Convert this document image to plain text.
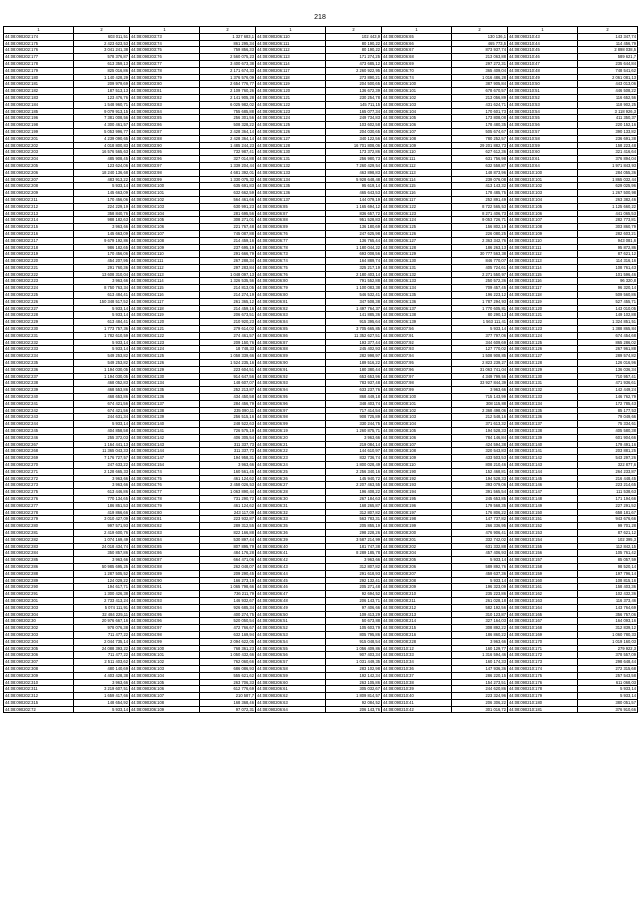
218
1	2	1	2	1	2	1	2	1	2
44:08:090202:174	603 011,51	44:08:090203:73	1 327 683,1	44:08:090206:110	102 443,9	44:08:090206:65	130 136,1	44:08:090210:43	143 347,74
44:08:090202:175	2 423 623,53	44:08:090203:74	861 295,34	44:08:090206:111	80 190,22	44:08:090206:66	465 773,5	44:08:090210:44	114 456,79
44:08:090202:176	3 041 241,38	44:08:090203:75	759 856,33	44:08:090206:112	80 190,22	44:08:090206:67	873 937,74	44:08:090210:45	2 898 038,5
44:08:090202:177	578 376,87	44:08:090203:76	2 560 075,23	44:08:090206:113	171 274,25	44:08:090206:68	213 063,88	44:08:090210:46	589 621,7
44:08:090202:178	613 359,13	44:08:090203:77	3 400 673,38	44:08:090206:114	473 685,12	44:08:090206:69	297 272,31	44:08:090210:47	235 644,84
44:08:090202:179	825 016,86	44:08:090203:78	2 171 674,33	44:08:090206:117	2 260 922,95	44:08:090206:70	365 409,04	44:08:090210:48	748 541,62
44:08:090202:180	1 140 428,29	44:08:090203:79	1 376 576,09	44:08:090206:118	273 890,21	44:08:090206:74	1 016 486,28	44:08:090210:49	2 061 081,13
44:08:090202:181	209 979,69	44:08:090203:80	2 654 776,77	44:08:090206:119	204 500,65	44:08:090206:100	387 905,84	44:08:090210:50	443 013,06
44:08:090202:182	187 513,13	44:08:090203:81	2 109 760,26	44:08:090206:120	136 672,39	44:08:090206:101	678 670,57	44:08:090210:51	446 508,22
44:08:090202:183	123 476,76	44:08:090203:82	2 141 905,28	44:08:090206:121	230 254,78	44:08:090206:102	213 056,89	44:08:090210:52	116 652,56
44:08:090202:184	1 548 960,71	44:08:090203:83	6 025 982,02	44:08:090206:122	145 711,15	44:08:090206:103	431 624,71	44:08:090210:53	118 902,25
44:08:090202:185	9 079 913,15	44:08:090203:84	755 685,88	44:08:090206:123	165 077,34	44:08:090206:104	170 601,73	44:08:090210:54	3 118 926,3
44:08:090202:196	7 381 008,56	44:08:090203:85	256 301,56	44:08:090206:124	249 734,83	44:08:090206:105	173 808,08	44:08:090210:55	411 350,37
44:08:090202:198	4 300 461,57	44:08:090203:86	508 328,22	44:08:090206:125	103 602,58	44:08:090206:106	178 480,35	44:08:090210:56	220 152,16
44:08:090202:199	5 053 996,77	44:08:090203:87	2 428 364,14	44:08:090206:126	204 030,65	44:08:090206:107	505 674,67	44:08:090210:57	390 133,82
44:08:090202:201	4 239 090,65	44:08:090203:88	2 428 364,14	44:08:090206:127	340 122,56	44:08:090206:108	780 252,57	44:08:090210:58	236 691,38
44:08:090202:202	4 018 800,83	44:08:090203:90	1 485 244,23	44:08:090206:128	16 701 808,06	44:08:090206:109	29 201 882,73	44:08:090210:59	158 223,48
44:08:090202:203	16 576 565,63	44:08:090203:95	732 987,41	44:08:090206:130	173 372,86	44:08:090206:110	627 612,36	44:08:090210:60	321 416,64
44:08:090202:204	485 908,45	44:08:090203:96	327 014,88	44:08:090206:131	256 980,73	44:08:090206:111	631 756,98	44:08:090210:61	376 894,04
44:08:090202:205	123 624,06	44:08:090203:97	1 339 204,44	44:08:090206:132	7 260 429,54	44:08:090206:112	632 558,87	44:08:090210:64	1 971 843,93
44:08:090202:206	18 240 136,68	44:08:090203:98	4 681 392,01	44:08:090206:133	463 898,83	44:08:090206:113	148 873,96	44:08:090210:100	284 055,36
44:08:090202:207	483 913,22	44:08:090203:99	1 330 075,32	44:08:090206:134	5 928 648,48	44:08:090206:114	239 076,08	44:08:090210:101	1 865 032,44
44:08:090202:208	5 933,14	44:08:090204:100	635 691,83	44:08:090206:135	95 619,14	44:08:090206:115	413 143,32	44:08:090210:102	629 025,96
44:08:090202:209	145 663,09	44:08:090204:101	632 662,59	44:08:090206:136	465 643,53	44:08:090206:116	178 485,75	44:08:090210:103	1 267 500,98
44:08:090202:211	170 456,06	44:08:090204:102	564 461,66	44:08:090206:137	144 079,19	44:08:090206:117	252 891,49	44:08:090210:104	263 382,46
44:08:090202:212	224 229,19	44:08:090204:103	630 991,23	44:08:090206:85	1 165 694,12	44:08:090206:122	8 722 565,53	44:08:090210:105	1 125 660,22
44:08:090202:213	358 840,76	44:08:090204:104	281 695,56	44:08:090206:87	836 657,72	44:08:090206:123	8 271 406,73	44:08:090210:106	441 065,53
44:08:090202:214	988 182,63	44:08:090204:105	308 271,01	44:08:090206:88	951 528,83	44:08:090206:124	9 053 726,71	44:08:090210:107	282 773,81
44:08:090202:215	3 963,66	44:08:090204:106	221 767,48	44:08:090206:89	136 180,69	44:08:090206:125	156 802,19	44:08:090210:108	303 860,79
44:08:090202:216	145 663,09	44:08:090204:107	745 087,88	44:08:090206:76	247 625,98	44:08:090206:126	226 080,25	44:08:090210:109	282 603,21
44:08:090202:217	9 679 192,86	44:08:090204:108	214 459,16	44:08:090206:77	136 765,44	44:08:090206:127	2 363 342,76	44:08:090210:110	943 081,6
44:08:090202:218	986 182,65	44:08:090204:109	237 695,19	44:08:090206:78	1 180 044,22	44:08:090206:128	186 263,13	44:08:090210:111	95 872,86
44:08:090202:219	170 456,06	44:08:090204:110	291 666,79	44:08:090206:73	693 008,56	44:08:090206:129	30 777 563,38	44:08:090210:112	87 621,12
44:08:090202:220	454 207,95	44:08:090204:111	267 288,34	44:08:090206:74	164 889,74	44:08:090206:130	846 770,07	44:08:090210:113	114 316,16
44:08:090202:221	291 760,36	44:08:090204:112	297 283,84	44:08:090206:75	325 217,19	44:08:090206:131	405 724,61	44:08:090210:114	108 761,43
44:08:090202:222	13 608 310,04	44:08:090204:113	1 048 097,13	44:08:090206:76	2 180 403,14	44:08:090206:132	2 271 550,97	44:08:090210:115	101 596,46
44:08:090202:223	3 963,66	44:08:090204:114	1 326 535,56	44:08:090206:80	791 552,88	44:08:090206:133	250 572,36	44:08:090210:116	96 320,8
44:08:090202:224	8 750 763,34	44:08:090204:115	214 813,05	44:08:090206:79	1 100 083,38	44:08:090206:134	709 457,45	44:08:090210:117	96 320,14
44:08:090202:225	613 484,41	44:08:090204:116	214 274,19	44:08:090206:80	546 532,41	44:08:090206:135	196 223,12	44:08:090210:118	509 560,86
44:08:090202:226	150 348 517,52	44:08:090204:117	261 365,12	44:08:090206:81	347 508,38	44:08:090206:136	1 787 294,93	44:08:090210:119	527 455,71
44:08:090202:227	5 933,14	44:08:090204:118	214 459,16	44:08:090206:82	1 497 764,37	44:08:090206:137	1 770 605,81	44:08:090210:120	143 010,05
44:08:090202:228	5 933,14	44:08:090204:119	206 673,51	44:08:090206:83	141 885,36	44:08:090206:138	80 290,13	44:08:090210:121	149 102,88
44:08:090202:229	613 484,41	44:08:090204:120	210 920,23	44:08:090206:84	915 395,64	44:08:090206:139	1 563 111,41	44:08:090210:122	1 324 851,51
44:08:090202:230	1 773 757,36	44:08:090204:121	279 614,02	44:08:090206:85	3 705 665,85	44:08:090207:56	5 933,14	44:08:090210:123	1 388 865,84
44:08:090202:231	1 782 610,59	44:08:090204:122	274 461,57	44:08:090206:86	11 352 627,51	44:08:090207:91	377 797,06	44:08:090210:124	674 454,68
44:08:090202:232	5 933,14	44:08:090204:123	209 150,76	44:08:090206:87	193 377,44	44:08:090207:92	344 609,69	44:08:090210:125	865 286,02
44:08:090202:233	5 933,14	44:08:090204:124	18 748,33	44:08:090206:88	245 402,93	44:08:090207:93	127 770,02	44:08:090210:126	267 961,88
44:08:090202:234	549 253,82	44:08:090204:125	1 058 339,66	44:08:090206:89	282 998,97	44:08:090207:94	1 508 908,85	44:08:090210:127	289 574,82
44:08:090202:235	549 253,82	44:08:090204:126	1 524 235,16	44:08:090206:90	189 516,22	44:08:090207:95	2 823 239,27	44:08:090210:128	126 016,96
44:08:090202:236	1 194 030,05	44:08:090204:129	223 604,51	44:08:090206:91	180 380,44	44:08:090207:96	31 063 741,04	44:08:090210:129	136 036,34
44:08:090202:237	1 194 030,05	44:08:090204:130	914 647,56	44:08:090206:92	653 653,96	44:08:090207:97	4 349 799,56	44:08:090210:130	710 957,41
44:08:090202:238	468 052,83	44:08:090204:134	148 607,07	44:08:090206:93	783 937,48	44:08:090207:98	33 927 844,39	44:08:090210:131	471 936,61
44:08:090202:239	468 553,86	44:08:090204:135	252 213,87	44:08:090206:94	633 237,76	44:08:090207:99	3 963,66	44:08:090210:132	142 449,24
44:08:090202:240	468 653,86	44:08:090204:136	434 450,58	44:08:090206:95	868 449,18	44:08:090208:100	715 143,99	44:08:090210:133	146 762,79
44:08:090202:241	674 421,56	44:08:090204:137	284 456,79	44:08:090206:96	348 403,74	44:08:090208:101	308 115,88	44:08:090210:134	172 785,43
44:08:090202:242	674 421,56	44:08:090204:138	235 090,11	44:08:090206:97	717 414,54	44:08:090208:102	2 368 498,06	44:08:090210:135	85 177,53
44:08:090202:243	244 631,34	44:08:090204:139	256 515,16	44:08:090206:98	908 725,89	44:08:090208:103	212 548,16	44:08:090210:136	79 049,66
44:08:090202:244	5 933,14	44:08:090204:140	248 522,63	44:08:090206:99	330 244,75	44:08:090208:104	371 613,32	44:08:090210:137	75 334,61
44:08:090202:245	404 858,58	44:08:090204:141	726 575,19	44:08:090206:19	1 260 875,71	44:08:090208:105	194 528,33	44:08:090210:138	405 580,38
44:08:090202:246	255 372,03	44:08:090204:142	406 305,54	44:08:090206:20	3 963,66	44:08:090208:106	784 146,84	44:08:090210:139	601 904,66
44:08:090202:267	1 164 441,13	44:08:090204:143	311 337,73	44:08:090206:21	219 084,14	44:08:090208:107	424 594,38	44:08:090210:140	179 491,16
44:08:090202:268	11 365 043,33	44:08:090204:144	311 337,73	44:08:090206:22	144 610,97	44:08:090208:108	320 543,83	44:08:090210:141	203 881,25
44:08:090202:269	7 176 727,57	44:08:090204:147	194 958,31	44:08:090206:23	832 736,74	44:08:090208:109	433 503,53	44:08:090210:142	543 297,26
44:08:090202:270	247 633,22	44:08:090204:154	3 963,66	44:08:090206:24	1 800 028,49	44:08:090208:110	808 210,46	44:08:090210:143	322 877,6
44:08:090202:271	2 128 665,33	44:08:090204:74	160 561,45	44:08:090206:25	2 256 340,16	44:08:090208:190	152 468,81	44:08:090210:144	264 233,87
44:08:090202:272	3 963,66	44:08:090204:75	461 124,62	44:08:090206:26	145 940,72	44:08:090208:192	194 528,33	44:08:090210:145	216 448,45
44:08:090202:273	3 963,66	44:08:090204:76	2 458 026,53	44:08:090206:27	2 207 463,55	44:08:090208:193	393 079,06	44:08:090210:146	223 214,65
44:08:090202:275	613 446,86	44:08:090204:77	1 063 890,44	44:08:090206:28	196 408,22	44:08:090208:194	391 565,54	44:08:090210:147	111 538,63
44:08:090202:276	770 134,65	44:08:090204:78	731 290,72	44:08:090206:30	267 184,63	44:08:090208:195	245 653,85	44:08:090210:148	171 194,66
44:08:090202:277	186 851,53	44:08:090204:79	461 124,62	44:08:090206:31	168 265,87	44:08:090208:196	179 568,35	44:08:090210:149	227 291,52
44:08:090202:278	419 866,66	44:08:090204:80	243 117,09	44:08:090206:32	312 807,82	44:08:090208:197	176 806,22	44:08:090210:150	658 181,67
44:08:090202:279	3 010 427,09	44:08:090204:81	223 932,87	44:08:090206:33	563 783,31	44:08:090208:198	147 737,82	44:08:090210:151	943 676,66
44:08:090202:280	997 571,93	44:08:090204:82	289 312,55	44:08:090206:35	205 855,19	44:08:090208:199	266 336,95	44:08:090210:152	99 701,28
44:08:090202:281	2 419 600,76	44:08:090204:83	822 166,88	44:08:090206:36	298 228,26	44:08:090208:200	476 906,41	44:08:090210:153	87 621,12
44:08:090202:282	1 074 169,49	44:08:090204:84	530 897,44	44:08:090206:39	3 587 214,99	44:08:090208:201	332 742,02	44:08:090210:154	102 395,3
44:08:090202:283	24 018 434,74	44:08:090204:85	807 895,79	44:08:090206:40	181 747,38	44:08:090208:202	631 332,88	44:08:090210:155	112 842,15
44:08:090202:284	350 857,86	44:08:090204:86	484 176,28	44:08:090206:41	8 289 185,78	44:08:090208:204	457 406,93	44:08:090210:156	105 761,42
44:08:090202:285	3 963,66	44:08:090204:87	664 471,06	44:08:090206:42	3 963,66	44:08:090208:205	5 933,14	44:08:090210:157	85 057,59
44:08:090202:286	50 985 695,25	44:08:090204:88	262 048,07	44:08:090206:43	312 807,82	44:08:090208:206	589 892,76	44:08:090210:158	98 520,14
44:08:090202:288	1 287 505,52	44:08:090204:89	209 290,45	44:08:090206:44	291 618,93	44:08:090208:207	459 637,36	44:08:090210:159	197 796,14
44:08:090202:289	124 029,22	44:08:090204:90	166 273,19	44:08:090206:45	292 132,41	44:08:090208:208	5 933,14	44:08:090210:160	108 815,16
44:08:090202:290	194 617,71	44:08:090204:91	1 065 798,66	44:08:090206:46	205 271,48	44:08:090208:209	196 323,09	44:08:090210:161	158 403,36
44:08:090202:291	1 300 426,38	44:08:090204:92	736 211,79	44:08:090206:47	92 694,52	44:08:090208:210	235 223,86	44:08:090210:162	102 432,36
44:08:090202:301	2 733 413,24	44:08:090204:93	146 932,67	44:08:090206:48	206 143,71	44:08:090208:211	261 028,18	44:08:090210:163	116 373,46
44:08:090202:303	5 074 111,91	44:08:090204:94	926 685,34	44:08:090206:49	97 406,66	44:08:090208:212	582 192,56	44:08:090210:164	143 764,69
44:08:090202:304	32 484 225,11	44:08:090204:95	400 274,75	44:08:090206:50	109 413,29	44:08:090208:213	310 123,87	44:08:090210:165	356 757,06
44:08:090202:30	20 976 667,16	44:08:090204:96	520 050,54	44:08:090206:51	50 673,88	44:08:090208:214	327 164,03	44:08:090210:167	164 093,16
44:08:090202:302	978 076,38	44:08:090204:97	472 766,67	44:08:090206:52	105 603,79	44:08:090208:215	308 892,22	44:08:090210:168	312 839,12
44:08:090202:303	711 477,22	44:08:090204:98	632 169,94	44:08:090206:53	805 795,86	44:08:090208:216	186 860,22	44:08:090210:169	1 060 780,33
44:08:090202:304	2 044 735,14	44:08:090204:99	2 094 622,05	44:08:090206:54	915 048,54	44:08:090208:228	3 963,66	44:08:090210:170	1 019 160,03
44:08:090202:305	24 088 393,22	44:08:090206:100	768 361,23	44:08:090206:55	1 056 409,86	44:08:090210:12	160 129,77	44:08:090210:171	279 922,3
44:08:090202:306	711 477,22	44:08:090206:101	1 050 432,66	44:08:090206:56	907 403,34	44:08:090210:33	1 316 594,46	44:08:090210:172	378 557,09
44:08:090202:307	2 511 403,62	44:08:090206:102	762 060,66	44:08:090206:57	1 031 449,35	44:08:090210:34	160 174,33	44:08:090210:173	298 648,44
44:08:090202:308	480 140,69	44:08:090206:103	686 086,93	44:08:090206:58	283 102,98	44:08:090210:36	147 936,36	44:08:090210:174	272 315,68
44:08:090202:309	4 403 428,38	44:08:090206:104	555 621,62	44:08:090206:59	192 142,34	44:08:090210:37	286 220,15	44:08:090210:175	257 543,58
44:08:090202:310	3 963,66	44:08:090206:105	263 706,33	44:08:090206:60	263 105,86	44:08:090210:38	154 273,51	44:08:090210:176	611 068,03
44:08:090202:311	3 219 607,51	44:08:090206:106	612 776,69	44:08:090206:61	305 032,67	44:08:090210:39	244 620,86	44:08:090210:178	5 933,14
44:08:090202:312	1 659 417,66	44:08:090206:107	210 587,7	44:08:090206:62	1 809 814,57	44:08:090210:40	223 324,96	44:08:090210:179	5 933,14
44:08:090202:315	148 654,92	44:08:090206:108	168 368,46	44:08:090206:63	92 084,52	44:08:090210:41	206 306,22	44:08:090210:180	380 051,57
44:08:090202:72	5 933,14	44:08:090206:109	97 072,31	44:08:090206:64	206 143,76	44:08:090210:42	301 016,72	44:08:090210:181	376 910,66
